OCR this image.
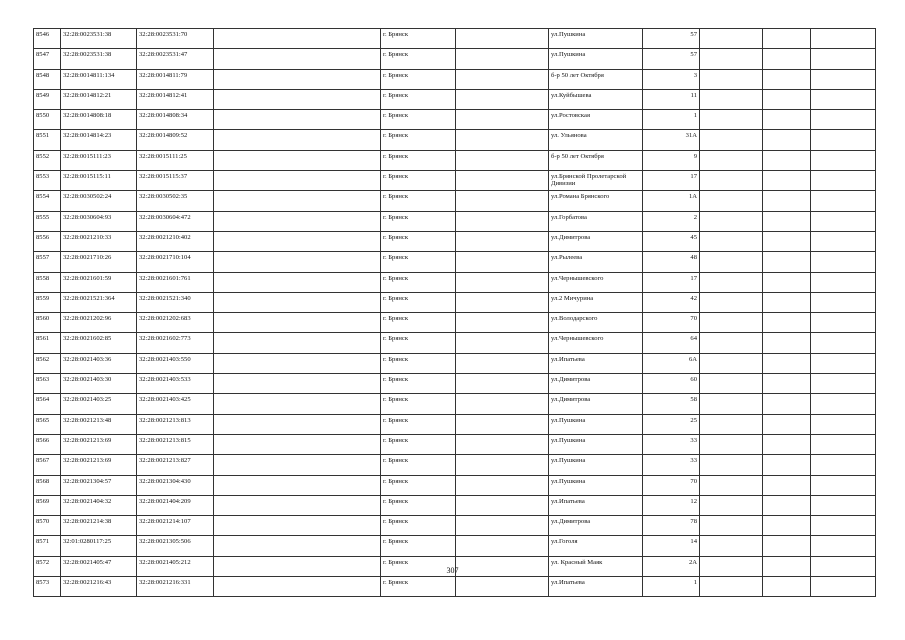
8546	32:28:0023531:38	32:28:0023531:70		г. Брянск		ул.Пушкина	57			
8547	32:28:0023531:38	32:28:0023531:47		г. Брянск		ул.Пушкина	57			
8548	32:28:0014811:134	32:28:0014811:79		г. Брянск		б-р 50 лет Октября	3			
8549	32:28:0014812:21	32:28:0014812:41		г. Брянск		ул.Куйбышева	11			
8550	32:28:0014808:18	32:28:0014808:34		г. Брянск		ул.Ростовская	1			
8551	32:28:0014814:23	32:28:0014809:52		г. Брянск		ул. Ульянова	31А			
8552	32:28:0015111:23	32:28:0015111:25		г. Брянск		б-р 50 лет Октября	9			
8553	32:28:0015115:11	32:28:0015115:37		г. Брянск		ул.Брянской Пролетарской Дивизии	17			
8554	32:28:0030502:24	32:28:0030502:35		г. Брянск		ул.Романа Брянского	1А			
8555	32:28:0030604:93	32:28:0030604:472		г. Брянск		ул.Горбатова	2			
8556	32:28:0021210:33	32:28:0021210:402		г. Брянск		ул.Димитрова	45			
8557	32:28:0021710:26	32:28:0021710:104		г. Брянск		ул.Рылеева	48			
8558	32:28:0021601:59	32:28:0021601:761		г. Брянск		ул.Чернышевского	17			
8559	32:28:0021521:364	32:28:0021521:340		г. Брянск		ул.2 Мичурина	42			
8560	32:28:0021202:96	32:28:0021202:683		г. Брянск		ул.Володарского	70			
8561	32:28:0021602:85	32:28:0021602:773		г. Брянск		ул.Чернышевского	64			
8562	32:28:0021403:36	32:28:0021403:550		г. Брянск		ул.Ипатьева	6А			
8563	32:28:0021403:30	32:28:0021403:533		г. Брянск		ул.Димитрова	60			
8564	32:28:0021403:25	32:28:0021403:425		г. Брянск		ул.Димитрова	58			
8565	32:28:0021213:48	32:28:0021213:813		г. Брянск		ул.Пушкина	25			
8566	32:28:0021213:69	32:28:0021213:815		г. Брянск		ул.Пушкина	33			
8567	32:28:0021213:69	32:28:0021213:827		г. Брянск		ул.Пушкина	33			
8568	32:28:0021304:57	32:28:0021304:430		г. Брянск		ул.Пушкина	70			
8569	32:28:0021404:32	32:28:0021404:209		г. Брянск		ул.Ипатьева	12			
8570	32:28:0021214:38	32:28:0021214:107		г. Брянск		ул.Димитрова	78			
8571	32:01:0280117:25	32:28:0021305:506		г. Брянск		ул.Гоголя	14			
8572	32:28:0021405:47	32:28:0021405:212		г. Брянск		ул. Красный Маяк	2А			
8573	32:28:0021216:43	32:28:0021216:331		г. Брянск		ул.Ипатьева	1			
307
